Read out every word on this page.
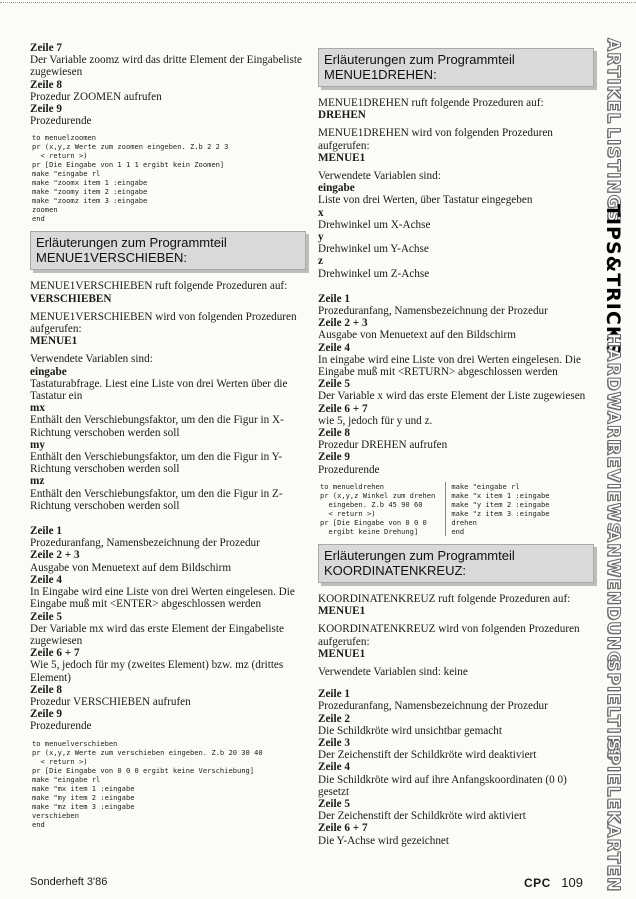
Zeile 7
Der Variable zoomz wird das dritte Element der Eingabeliste zugewiesen
Zeile 8
Prozedur ZOOMEN aufrufen
Zeile 9
Prozedurende
to menuelzoomen
pr (x,y,z Werte zum zoomen eingeben. Z.b 2 2 3
< return >)
pr [Die Eingabe von 1 1 1 ergibt kein Zoomen]
make "eingabe rl
make "zoomx item 1 :eingabe
make "zoomy item 2 :eingabe
make "zoomz item 3 :eingabe
zoomen
end
Erläuterungen zum Programmteil
MENUE1VERSCHIEBEN:
MENUE1VERSCHIEBEN ruft folgende Prozeduren auf:
VERSCHIEBEN
MENUE1VERSCHIEBEN wird von folgenden Prozeduren aufgerufen:
MENUE1
Verwendete Variablen sind:
eingabe
Tastaturabfrage. Liest eine Liste von drei Werten über die Tastatur ein
mx
Enthält den Verschiebungsfaktor, um den die Figur in X-Richtung verschoben werden soll
my
Enthält den Verschiebungsfaktor, um den die Figur in Y-Richtung verschoben werden soll
mz
Enthält den Verschiebungsfaktor, um den die Figur in Z-Richtung verschoben werden soll
Zeile 1
Prozeduranfang, Namensbezeichnung der Prozedur
Zeile 2 + 3
Ausgabe von Menuetext auf dem Bildschirm
Zeile 4
In Eingabe wird eine Liste von drei Werten eingelesen. Die Eingabe muß mit <ENTER> abgeschlossen werden
Zeile 5
Der Variable mx wird das erste Element der Eingabeliste zugewiesen
Zeile 6 + 7
Wie 5, jedoch für my (zweites Element) bzw. mz (drittes Element)
Zeile 8
Prozedur VERSCHIEBEN aufrufen
Zeile 9
Prozedurende
to menuelverschieben
pr (x,y,z Werte zum verschieben eingeben. Z.b 20 30 40
< return >)
pr [Die Eingabe von 0 0 0 ergibt keine Verschiebung]
make "eingabe rl
make "mx item 1 :eingabe
make "my item 2 :eingabe
make "mz item 3 :eingabe
verschieben
end
Erläuterungen zum Programmteil
MENUE1DREHEN:
MENUE1DREHEN ruft folgende Prozeduren auf:
DREHEN
MENUE1DREHEN wird von folgenden Prozeduren aufgerufen:
MENUE1
Verwendete Variablen sind:
eingabe
Liste von drei Werten, über Tastatur eingegeben
x
Drehwinkel um X-Achse
y
Drehwinkel um Y-Achse
z
Drehwinkel um Z-Achse
Zeile 1
Prozeduranfang, Namensbezeichnung der Prozedur
Zeile 2 + 3
Ausgabe von Menuetext auf den Bildschirm
Zeile 4
In eingabe wird eine Liste von drei Werten eingelesen. Die Eingabe muß mit <RETURN> abgeschlossen werden
Zeile 5
Der Variable x wird das erste Element der Liste zugewiesen
Zeile 6 + 7
wie 5, jedoch für y und z.
Zeile 8
Prozedur DREHEN aufrufen
Zeile 9
Prozedurende
to menueldrehen
pr (x,y,z Winkel zum drehen
eingeben. Z.b 45 90 60
< return >)
pr [Die Eingabe von 0 0 0
ergibt keine Drehung]
make "eingabe rl
make "x item 1 :eingabe
make "y item 2 :eingabe
make "z item 3 :eingabe
drehen
end
Erläuterungen zum Programmteil
KOORDINATENKREUZ:
KOORDINATENKREUZ ruft folgende Prozeduren auf:
MENUE1
KOORDINATENKREUZ wird von folgenden Prozeduren aufgerufen:
MENUE1
Verwendete Variablen sind: keine
Zeile 1
Prozeduranfang, Namensbezeichnung der Prozedur
Zeile 2
Die Schildkröte wird unsichtbar gemacht
Zeile 3
Der Zeichenstift der Schildkröte wird deaktiviert
Zeile 4
Die Schildkröte wird auf ihre Anfangskoordinaten (0 0) gesetzt
Zeile 5
Der Zeichenstift der Schildkröte wird aktiviert
Zeile 6 + 7
Die Y-Achse wird gezeichnet
ARTIKEL
LISTINGS
TIPS&TRICKS
HARDWARE
REVIEWS
ANWENDUNG
SPIELTIPS
SPIELEKARTEN
Sonderheft 3'86	CPC 109
